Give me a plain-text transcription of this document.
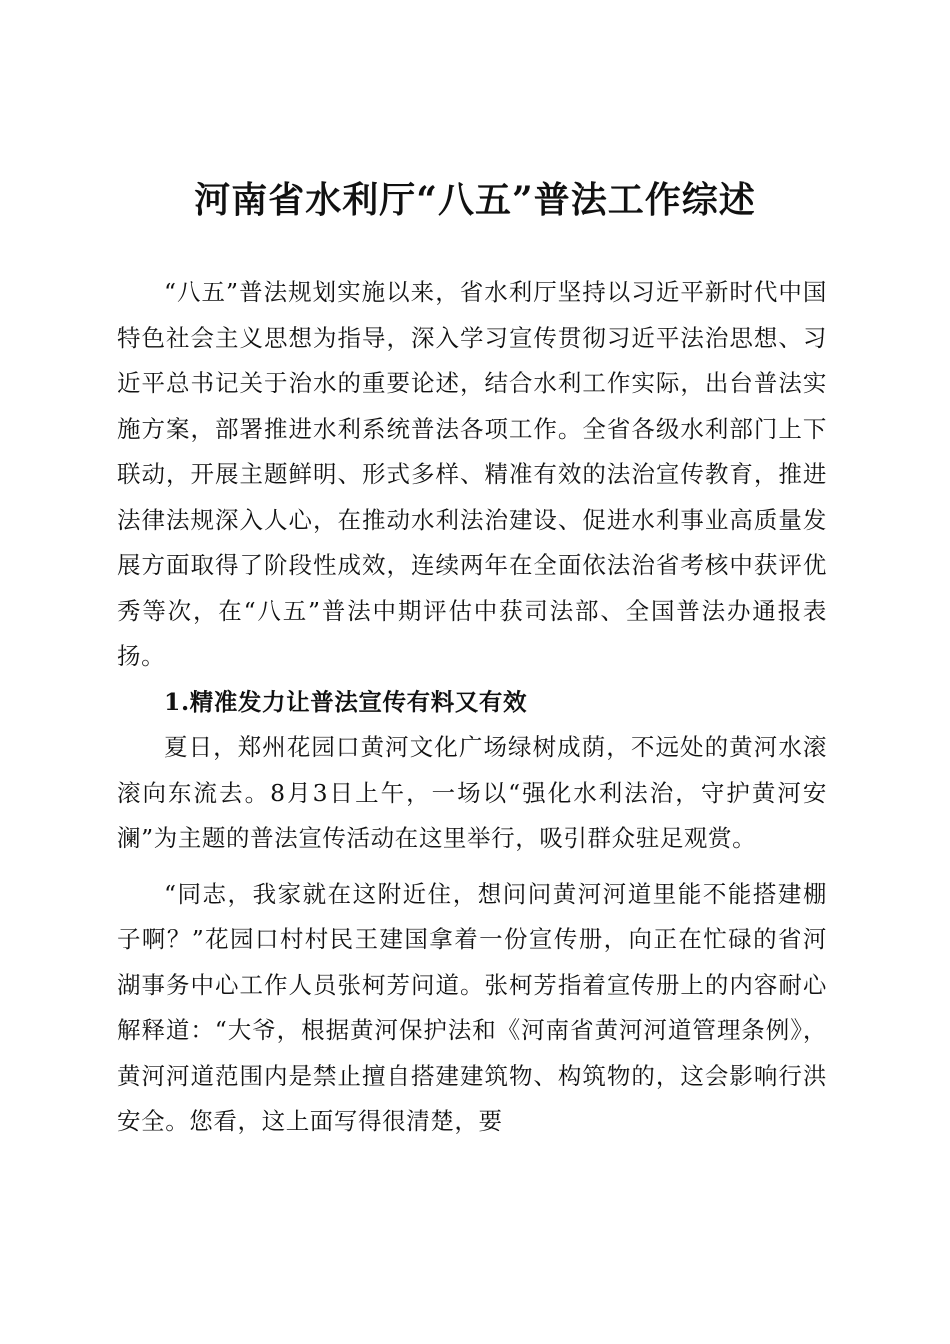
河南省水利厅“八五”普法工作综述

“八五”普法规划实施以来，省水利厅坚持以习近平新时代中国特色社会主义思想为指导，深入学习宣传贯彻习近平法治思想、习近平总书记关于治水的重要论述，结合水利工作实际，出台普法实施方案，部署推进水利系统普法各项工作。全省各级水利部门上下联动，开展主题鲜明、形式多样、精准有效的法治宣传教育，推进法律法规深入人心，在推动水利法治建设、促进水利事业高质量发展方面取得了阶段性成效，连续两年在全面依法治省考核中获评优秀等次，在“八五”普法中期评估中获司法部、全国普法办通报表扬。

1.精准发力让普法宣传有料又有效

夏日，郑州花园口黄河文化广场绿树成荫，不远处的黄河水滚滚向东流去。8月3日上午，一场以“强化水利法治，守护黄河安澜”为主题的普法宣传活动在这里举行，吸引群众驻足观赏。

“同志，我家就在这附近住，想问问黄河河道里能不能搭建棚子啊？”花园口村村民王建国拿着一份宣传册，向正在忙碌的省河湖事务中心工作人员张柯芳问道。张柯芳指着宣传册上的内容耐心解释道：“大爷，根据黄河保护法和《河南省黄河河道管理条例》，黄河河道范围内是禁止擅自搭建建筑物、构筑物的，这会影响行洪安全。您看，这上面写得很清楚，要
